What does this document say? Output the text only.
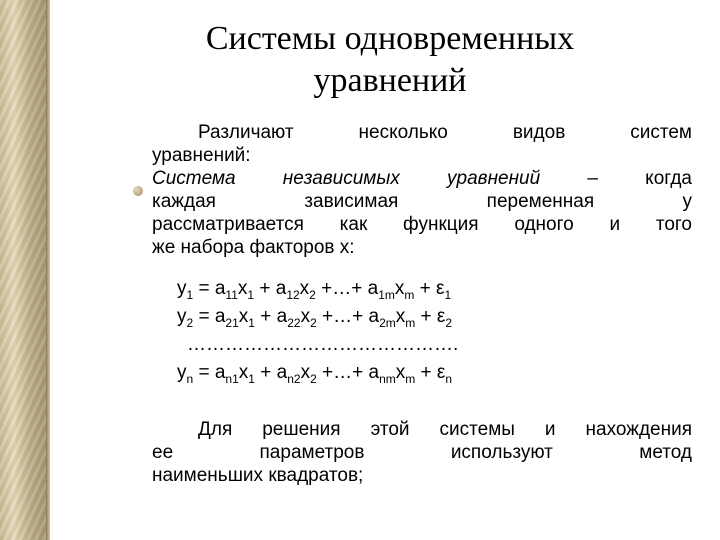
Системы одновременных
уравнений
Различают несколько видов систем
уравнений:
Система независимых уравнений – когда
каждая зависимая переменная у
рассматривается как функция одного и того
же набора факторов х:
$y_1 = a_{11}x_1 + a_{12}x_2$ +…+ $a_{1m}x_m + \varepsilon_1$
$y_2 = a_{21}x_1 + a_{22}x_2$ +…+ $a_{2m}x_m + \varepsilon_2$
…………………………………….
$y_n = a_{n1}x_1 + a_{n2}x_2$ +…+ $a_{nm}x_m + \varepsilon_n$
Для решения этой системы и нахождения
ее параметров используют метод
наименьших квадратов;
